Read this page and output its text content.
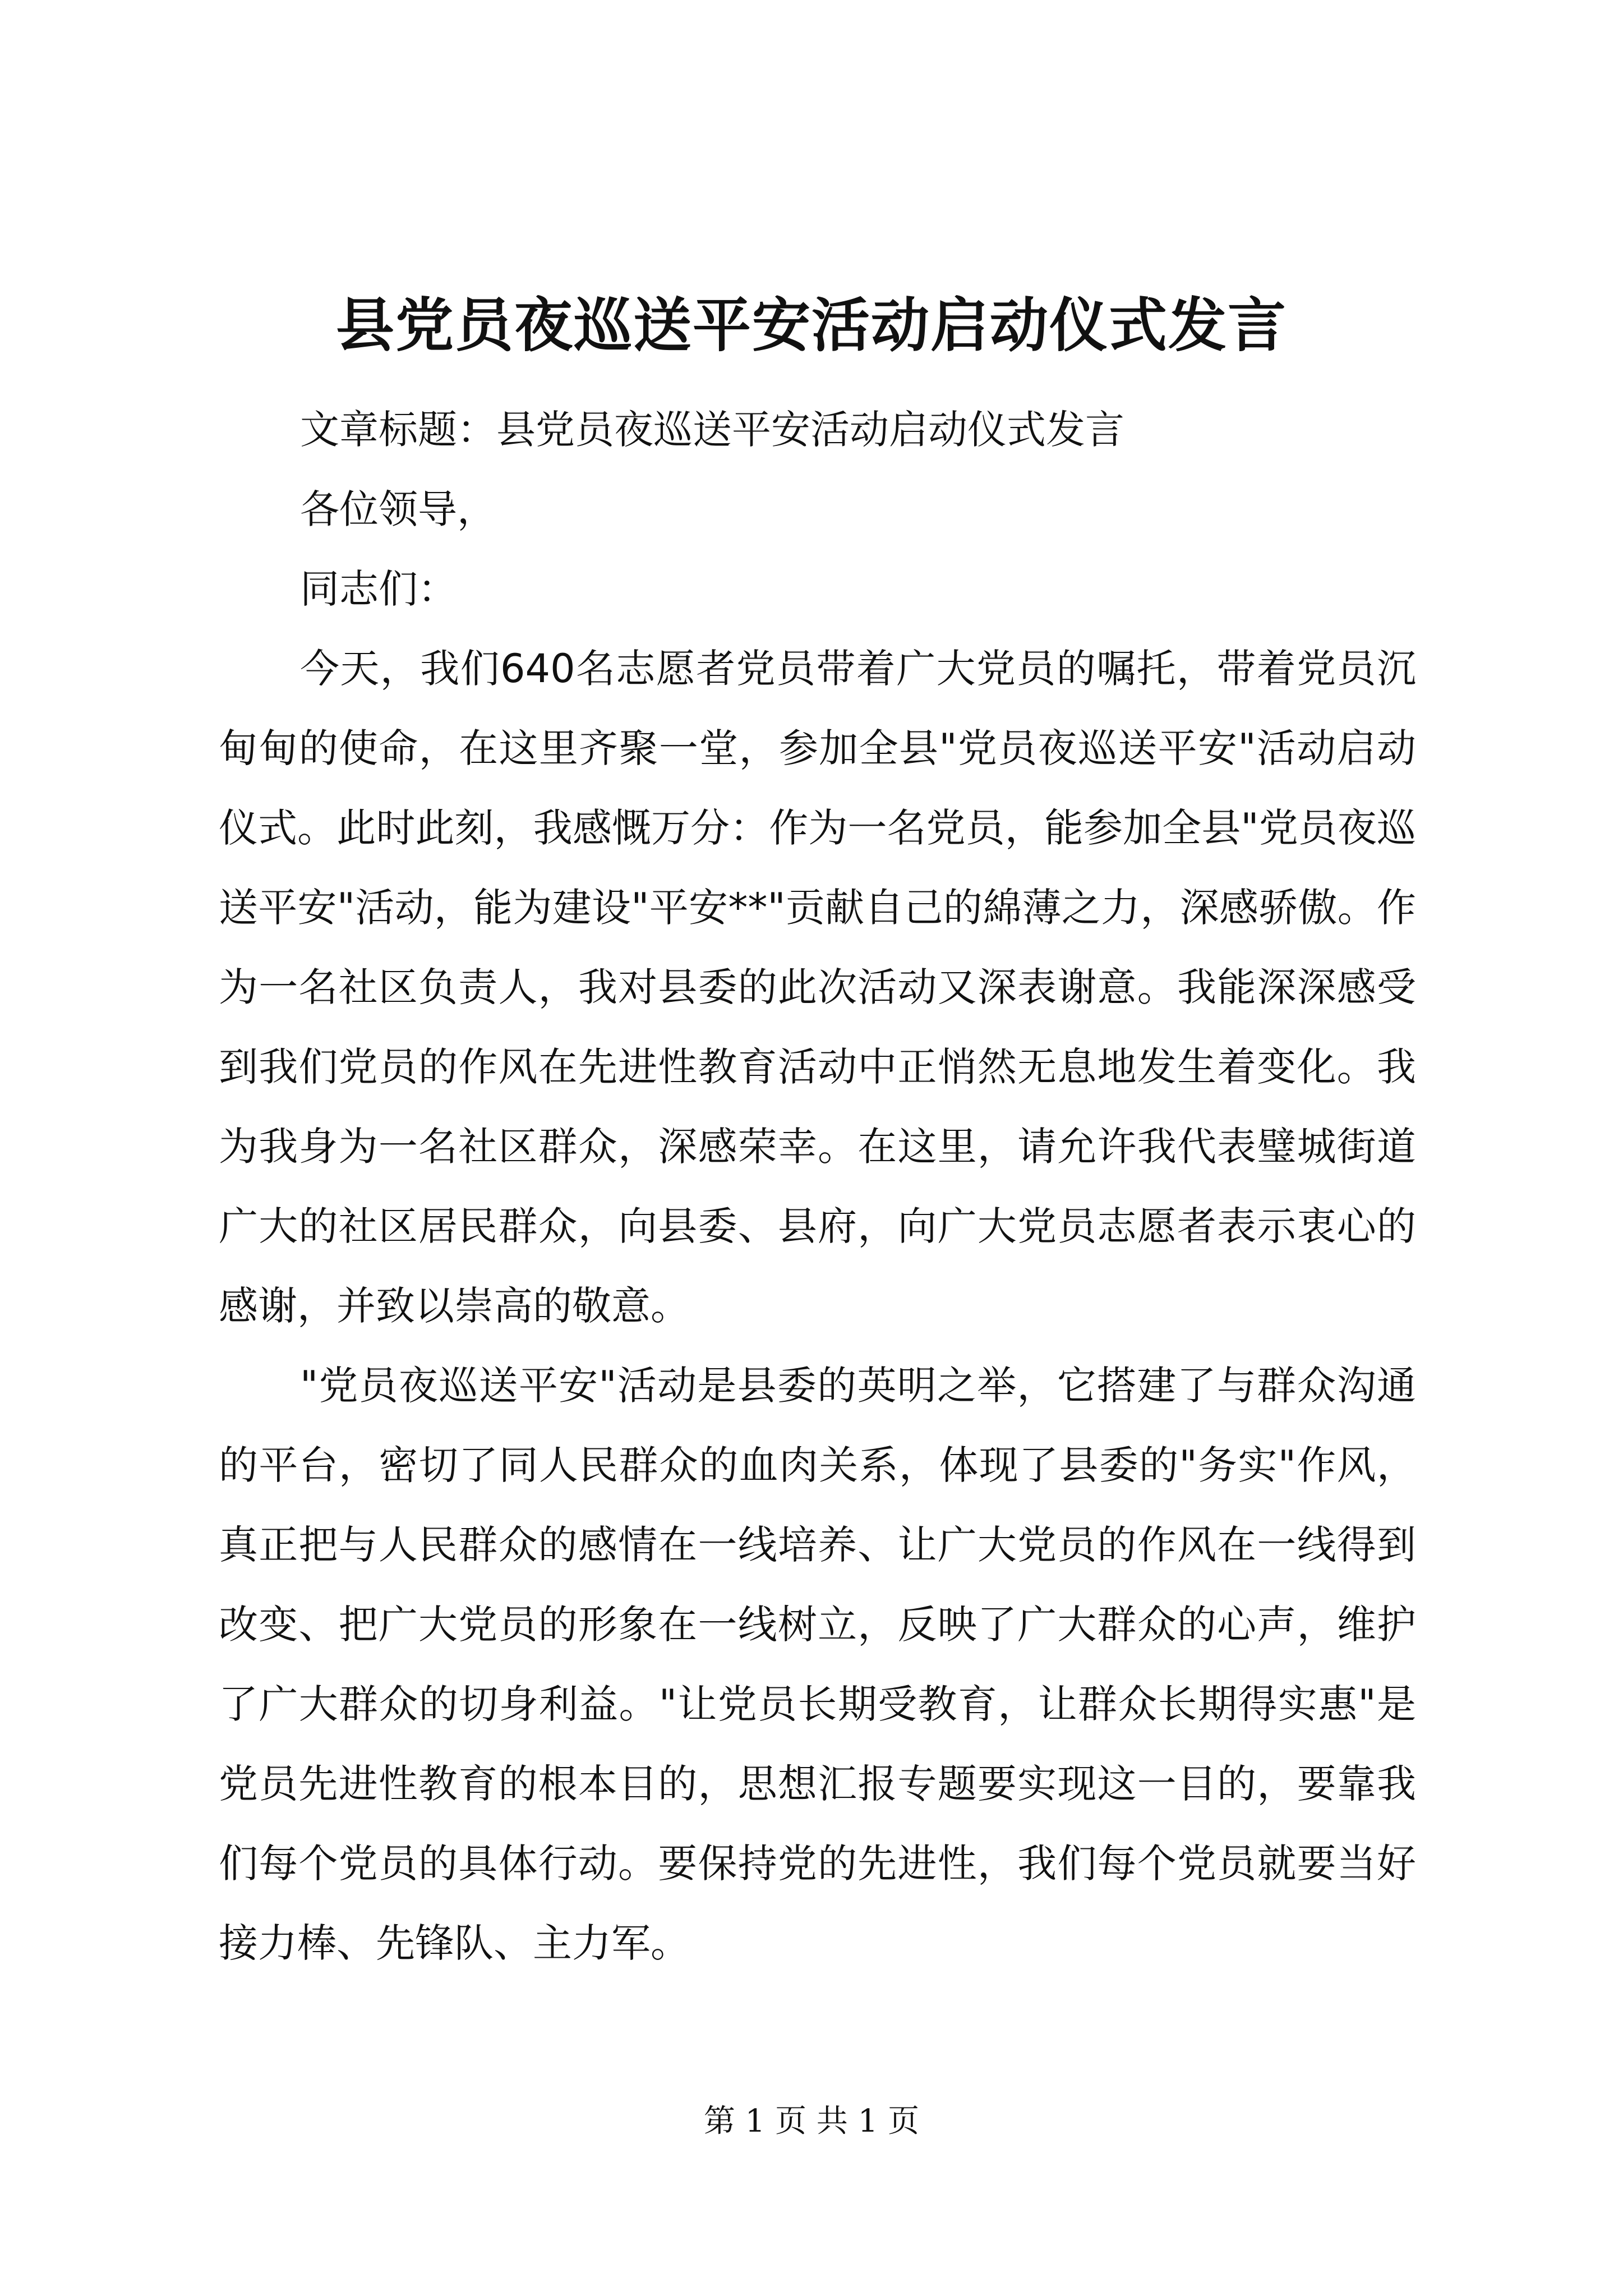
县党员夜巡送平安活动启动仪式发言

文章标题：县党员夜巡送平安活动启动仪式发言

各位领导，

同志们：

今天，我们640名志愿者党员带着广大党员的嘱托，带着党员沉甸甸的使命，在这里齐聚一堂，参加全县"党员夜巡送平安"活动启动仪式。此时此刻，我感慨万分：作为一名党员，能参加全县"党员夜巡送平安"活动，能为建设"平安**"贡献自己的綿薄之力，深感骄傲。作为一名社区负责人，我对县委的此次活动又深表谢意。我能深深感受到我们党员的作风在先进性教育活动中正悄然无息地发生着变化。我为我身为一名社区群众，深感荣幸。在这里，请允许我代表璧城街道广大的社区居民群众，向县委、县府，向广大党员志愿者表示衷心的感谢，并致以崇高的敬意。

"党员夜巡送平安"活动是县委的英明之举，它搭建了与群众沟通的平台，密切了同人民群众的血肉关系，体现了县委的"务实"作风，真正把与人民群众的感情在一线培养、让广大党员的作风在一线得到改变、把广大党员的形象在一线树立，反映了广大群众的心声，维护了广大群众的切身利益。"让党员长期受教育，让群众长期得实惠"是党员先进性教育的根本目的，思想汇报专题要实现这一目的，要靠我们每个党员的具体行动。要保持党的先进性，我们每个党员就要当好接力棒、先锋队、主力军。

第 1 页 共 1 页
